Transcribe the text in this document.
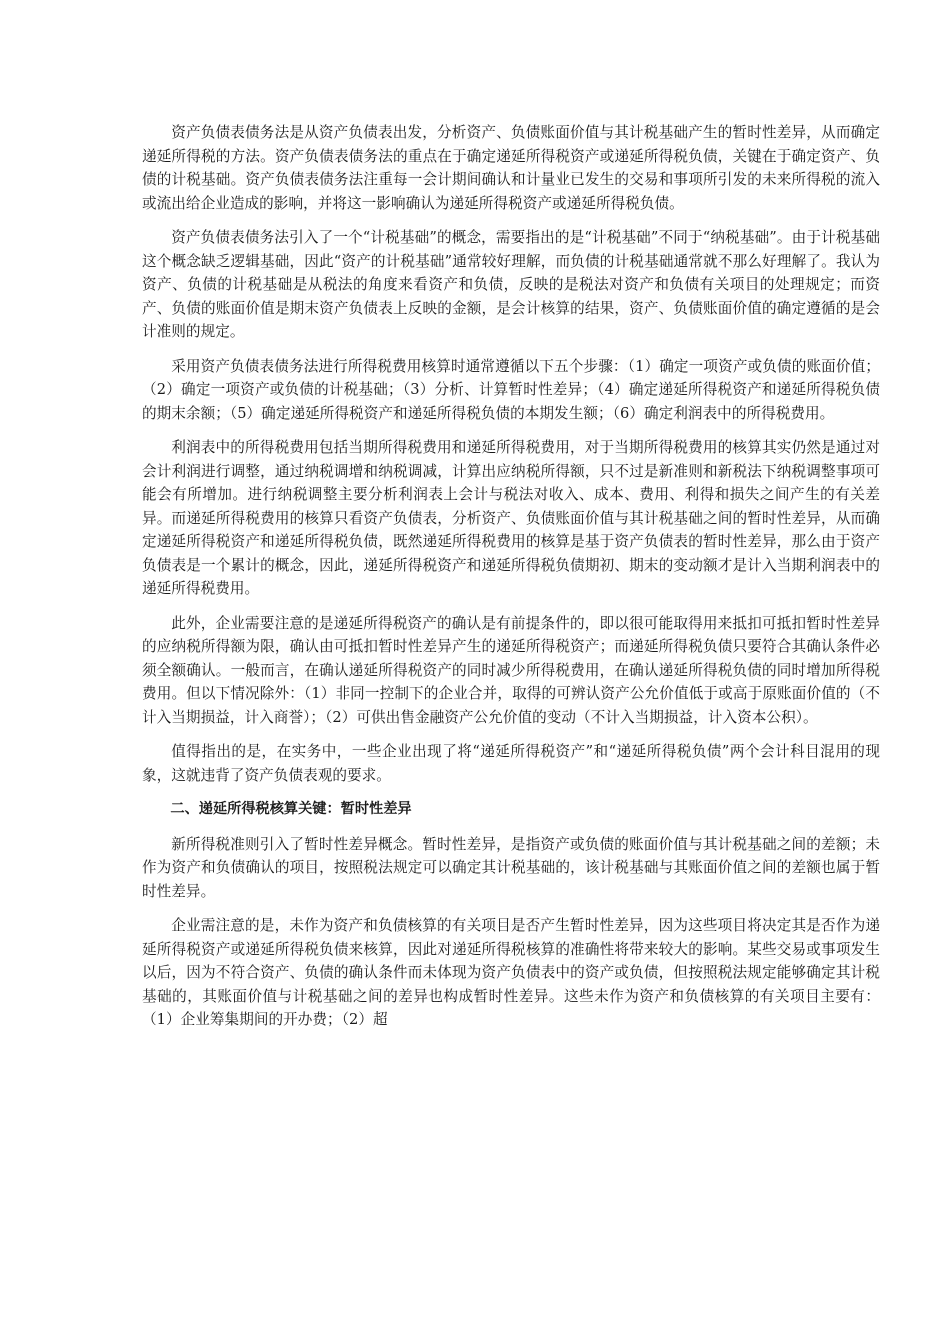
资产负债表债务法是从资产负债表出发，分析资产、负债账面价值与其计税基础产生的暂时性差异，从而确定递延所得税的方法。资产负债表债务法的重点在于确定递延所得税资产或递延所得税负债，关键在于确定资产、负债的计税基础。资产负债表债务法注重每一会计期间确认和计量业已发生的交易和事项所引发的未来所得税的流入或流出给企业造成的影响，并将这一影响确认为递延所得税资产或递延所得税负债。

资产负债表债务法引入了一个“计税基础”的概念，需要指出的是“计税基础”不同于“纳税基础”。由于计税基础这个概念缺乏逻辑基础，因此“资产的计税基础”通常较好理解，而负债的计税基础通常就不那么好理解了。我认为资产、负债的计税基础是从税法的角度来看资产和负债，反映的是税法对资产和负债有关项目的处理规定；而资产、负债的账面价值是期末资产负债表上反映的金额，是会计核算的结果，资产、负债账面价值的确定遵循的是会计准则的规定。

采用资产负债表债务法进行所得税费用核算时通常遵循以下五个步骤：（1）确定一项资产或负债的账面价值；（2）确定一项资产或负债的计税基础；（3）分析、计算暂时性差异；（4）确定递延所得税资产和递延所得税负债的期末余额；（5）确定递延所得税资产和递延所得税负债的本期发生额；（6）确定利润表中的所得税费用。

利润表中的所得税费用包括当期所得税费用和递延所得税费用，对于当期所得税费用的核算其实仍然是通过对会计利润进行调整，通过纳税调增和纳税调减，计算出应纳税所得额，只不过是新准则和新税法下纳税调整事项可能会有所增加。进行纳税调整主要分析利润表上会计与税法对收入、成本、费用、利得和损失之间产生的有关差异。而递延所得税费用的核算只看资产负债表，分析资产、负债账面价值与其计税基础之间的暂时性差异，从而确定递延所得税资产和递延所得税负债，既然递延所得税费用的核算是基于资产负债表的暂时性差异，那么由于资产负债表是一个累计的概念，因此，递延所得税资产和递延所得税负债期初、期末的变动额才是计入当期利润表中的递延所得税费用。

此外，企业需要注意的是递延所得税资产的确认是有前提条件的，即以很可能取得用来抵扣可抵扣暂时性差异的应纳税所得额为限，确认由可抵扣暂时性差异产生的递延所得税资产；而递延所得税负债只要符合其确认条件必须全额确认。一般而言，在确认递延所得税资产的同时减少所得税费用，在确认递延所得税负债的同时增加所得税费用。但以下情况除外：（1）非同一控制下的企业合并，取得的可辨认资产公允价值低于或高于原账面价值的（不计入当期损益，计入商誉）；（2）可供出售金融资产公允价值的变动（不计入当期损益，计入资本公积）。

值得指出的是，在实务中，一些企业出现了将“递延所得税资产”和“递延所得税负债”两个会计科目混用的现象，这就违背了资产负债表观的要求。

二、递延所得税核算关键：暂时性差异

新所得税准则引入了暂时性差异概念。暂时性差异，是指资产或负债的账面价值与其计税基础之间的差额；未作为资产和负债确认的项目，按照税法规定可以确定其计税基础的，该计税基础与其账面价值之间的差额也属于暂时性差异。

企业需注意的是，未作为资产和负债核算的有关项目是否产生暂时性差异，因为这些项目将决定其是否作为递延所得税资产或递延所得税负债来核算，因此对递延所得税核算的准确性将带来较大的影响。某些交易或事项发生以后，因为不符合资产、负债的确认条件而未体现为资产负债表中的资产或负债，但按照税法规定能够确定其计税基础的，其账面价值与计税基础之间的差异也构成暂时性差异。这些未作为资产和负债核算的有关项目主要有：（1）企业筹集期间的开办费；（2）超
